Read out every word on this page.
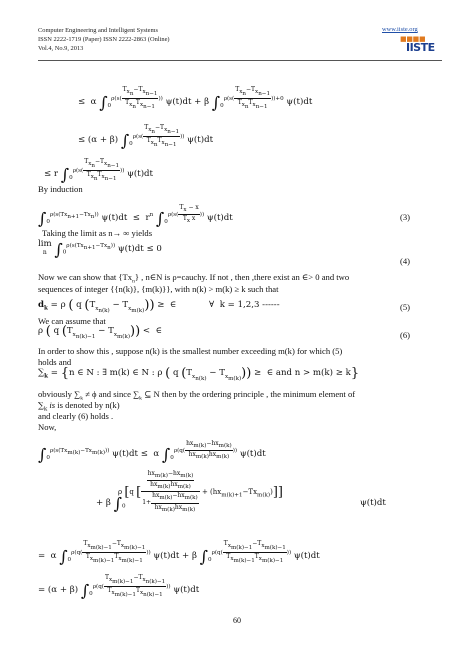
Computer Engineering and Intelligent Systems
ISSN 2222-1719 (Paper) ISSN 2222-2863 (Online)
Vol.4, No.9, 2013
www.iiste.org
■■■■
IISTE
≤  α $\int_0^{\rho(s( \frac{T_{x_n}-T_{x_{n-1}}}{T_{x_n}T_{x_{n-1}}} ))}$ ψ(t)dt + β $\int_0^{\rho(s( \frac{T_{x_n}-T_{x_{n-1}}}{T_{x_n}T_{x_{n-1}}} ))+0}$ ψ(t)dt
≤ (α + β) $\int_0^{\rho(s( \frac{T_{x_n}-T_{x_{n-1}}}{T_{x_n}T_{x_{n-1}}} ))}$ ψ(t)dt
≤ r $\int_0^{\rho(s( \frac{T_{x_n}-T_{x_{n-1}}}{T_{x_n}T_{x_{n-1}}} ))}$ ψ(t)dt
By induction
$\int_0^{\rho(s(Tx_{n+1}-Tx_n))}$ $\psi(t)dt \le r^n$ $\int_0^{\rho(s( \frac{T_x - x}{T_x x} ))}$ ψ(t)dt	(3)
Taking the limit as n→ ∞ yields
lim
n $\int_0^{\rho(s(Tx_{n+1}-Tx_n))}$ ψ(t)dt ≤ 0
(4)
Now we can show that $\{Tx_n\}$ , n∈N is ρ=cauchy. If not , then ,there exist an ∈> 0 and two
sequences of integer {{n(k)}, {m(k)}}, with n(k) > m(k) ≥ k such that
$d_k = \rho$ ( q $(T_{x_{n(k)}} - T_{x_{m(k)}})$) ≥  ∈            ∀  k = 1,2,3 ------	(5)
We can assume that
ρ ( q $(T_{x_{n(k)-1}} - T_{x_{m(k)}})$) <  ∈	(6)
In order to show this , suppose n(k) is the smallest number exceeding m(k) for which (5)
holds and
$\sum_k = \{n$ ∈ N : ∃ m(k) ∈ N : ρ ( q $(T_{x_{n(k)}} - T_{x_{m(k)}})$) ≥  ∈ and n > m(k) ≥ k}
obviously $\sum_k \ne \phi$ and since $\sum_k$ ⊆ N then by the ordering principle , the minimum element of
$\sum_k$ is is denoted by n(k)
and clearly (6) holds .
Now,
$\int_0^{\rho(s(Tx_{m(k)}-Tx_{m(k)}))}$ ψ(t)dt ≤  α $\int_0^{\rho(q( \frac{hx_{m(k)}-hx_{m(k)}}{hx_{m(k)}hx_{m(k)}} ))}$ ψ(t)dt
ρ [q [ $\frac{\frac{hx_{m(k)}-hx_{m(k)}}{hx_{m(k)}hx_{m(k)}}}{1+ \frac{hx_{m(k)}-hx_{m(k)}}{hx_{m(k)}hx_{m(k)}}} + (hx_{m(k)+1}-Tx_{m(k)})$]]
+ β $\int_0$	ψ(t)dt
=  α $\int_0^{\rho(q( \frac{T_{x_{m(k)-1}}-T_{x_{m(k)-1}}}{T_{x_{m(k)-1}}T_{x_{m(k)-1}}} ))}$ ψ(t)dt + β $\int_0^{\rho(q( \frac{T_{x_{m(k)-1}}-T_{x_{m(k)-1}}}{T_{x_{m(k)-1}}T_{x_{m(k)-1}}} ))}$ ψ(t)dt
= (α + β) $\int_0^{\rho(q( \frac{T_{x_{m(k)-1}}-T_{x_{n(k)-1}}}{T_{x_{m(k)-1}}T_{x_{n(k)-1}}} ))}$ ψ(t)dt
60
